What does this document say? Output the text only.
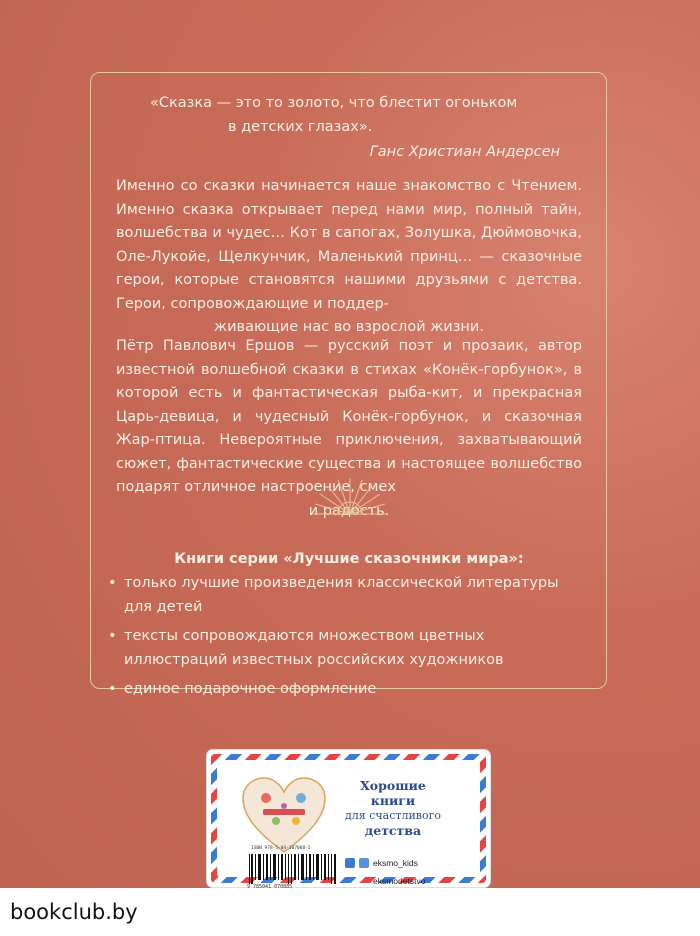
«Сказка — это то золото, что блестит огоньком
в детских глазах».
Ганс Христиан Андерсен
Именно со сказки начинается наше знакомство с Чтением. Именно сказка открывает перед нами мир, полный тайн, волшебства и чудес… Кот в сапогах, Золушка, Дюймовочка, Оле-Лукойе, Щелкунчик, Маленький принц… — сказочные герои, которые становятся нашими друзьями с детства. Герои, сопровождающие и поддер-
живающие нас во взрослой жизни.
Пётр Павлович Ершов — русский поэт и прозаик, автор известной волшебной сказки в стихах «Конёк-горбунок», в которой есть и фантастическая рыба-кит, и прекрасная Царь-девица, и чудесный Конёк-горбунок, и сказочная Жар-птица. Невероятные приключения, захватывающий сюжет, фантастические существа и настоящее волшебство подарят отличное настроение, смех
и радость.
Книги серии «Лучшие сказочники мира»:
• только лучшие произведения классической литературы для детей
• тексты сопровождаются множеством цветных иллюстраций известных российских художников
• единое подарочное оформление
Хорошие
книги

для счастливого
детства
ISBN 978-5-04-107088-5
9 785041 070885
eksmo_kids
eksmodetstvo
bookclub.by
